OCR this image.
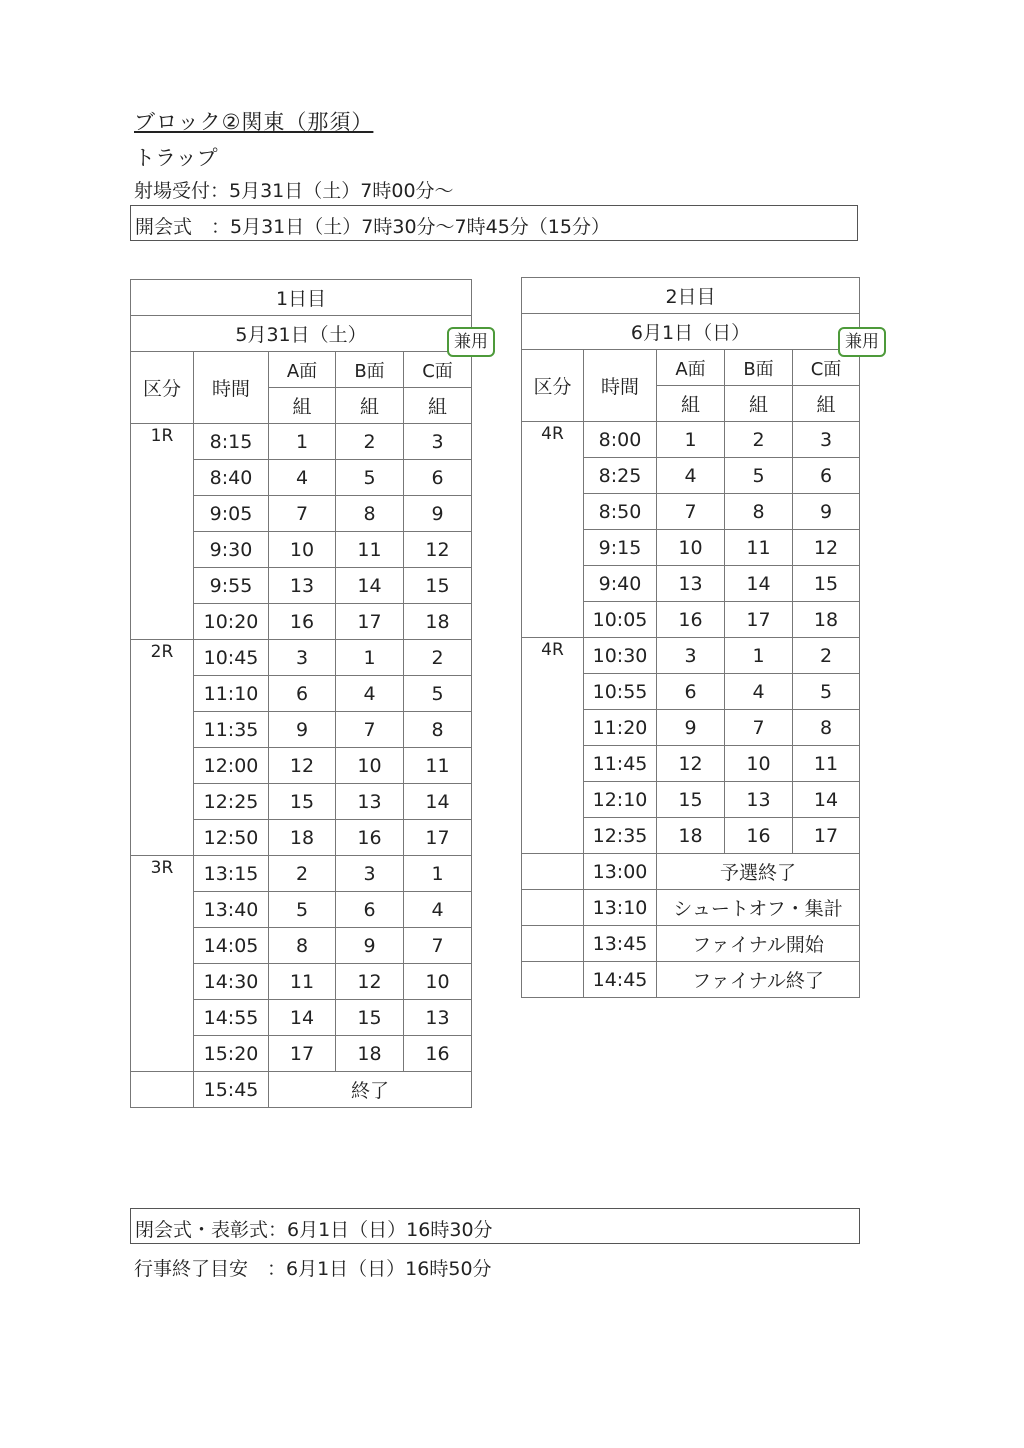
ブロック②関東（那須）
トラップ
射場受付：5月31日（土）7時00分～
開会式　：5月31日（土）7時30分～7時45分（15分）
1日目				
5月31日（土）				
区分	時間	A面	B面	C面
		組	組	組
1R	8:15	1	2	3
	8:40	4	5	6
	9:05	7	8	9
	9:30	10	11	12
	9:55	13	14	15
	10:20	16	17	18
2R	10:45	3	1	2
	11:10	6	4	5
	11:35	9	7	8
	12:00	12	10	11
	12:25	15	13	14
	12:50	18	16	17
3R	13:15	2	3	1
	13:40	5	6	4
	14:05	8	9	7
	14:30	11	12	10
	14:55	14	15	13
	15:20	17	18	16
	15:45	終了		
兼用
2日目				
6月1日（日）				
区分	時間	A面	B面	C面
		組	組	組
4R	8:00	1	2	3
	8:25	4	5	6
	8:50	7	8	9
	9:15	10	11	12
	9:40	13	14	15
	10:05	16	17	18
4R	10:30	3	1	2
	10:55	6	4	5
	11:20	9	7	8
	11:45	12	10	11
	12:10	15	13	14
	12:35	18	16	17
	13:00	予選終了		
	13:10	シュートオフ・集計		
	13:45	ファイナル開始		
	14:45	ファイナル終了		
兼用
閉会式・表彰式：6月1日（日）16時30分
行事終了目安　：6月1日（日）16時50分
